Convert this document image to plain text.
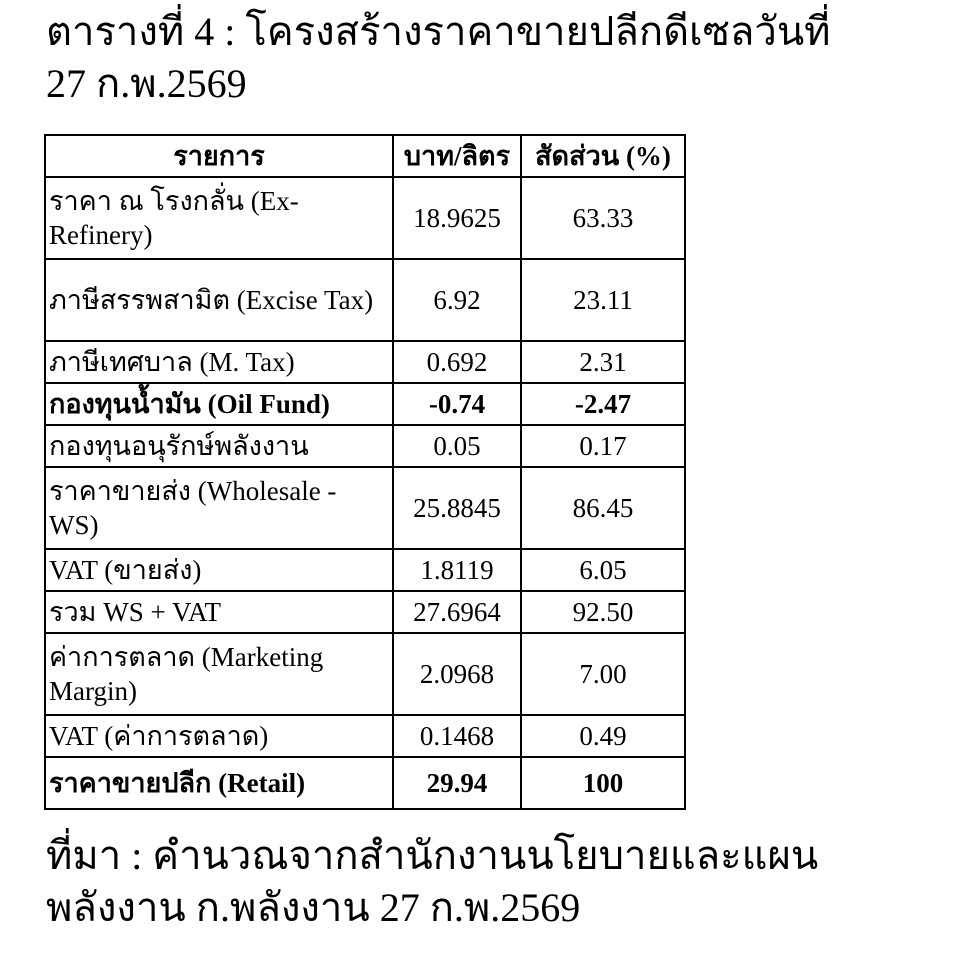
ตารางที่ 4 : โครงสร้างราคาขายปลีกดีเซลวันที่
27 ก.พ.2569
รายการ	บาท/ลิตร	สัดส่วน (%)
ราคา ณ โรงกลั่น (Ex-Refinery)	18.9625	63.33
ภาษีสรรพสามิต (Excise Tax)	6.92	23.11
ภาษีเทศบาล (M. Tax)	0.692	2.31
กองทุนน้ำมัน (Oil Fund)	-0.74	-2.47
กองทุนอนุรักษ์พลังงาน	0.05	0.17
ราคาขายส่ง (Wholesale - WS)	25.8845	86.45
VAT (ขายส่ง)	1.8119	6.05
รวม WS + VAT	27.6964	92.50
ค่าการตลาด (Marketing Margin)	2.0968	7.00
VAT (ค่าการตลาด)	0.1468	0.49
ราคาขายปลีก (Retail)	29.94	100

ที่มา : คำนวณจากสำนักงานนโยบายและแผน
พลังงาน ก.พลังงาน 27 ก.พ.2569
